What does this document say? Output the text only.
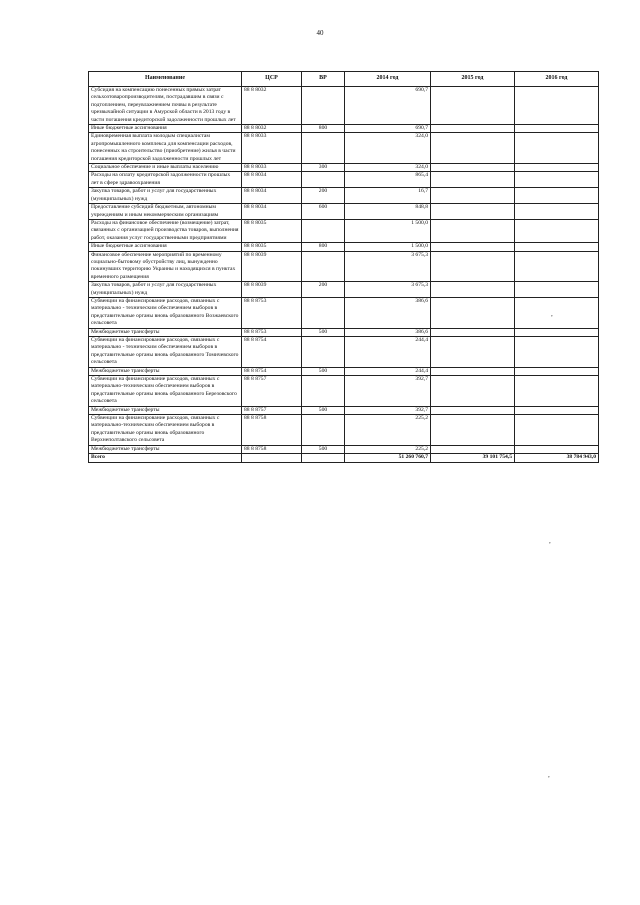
40
Наименование	ЦСР	ВР	2014 год	2015 год	2016 год
Субсидия на компенсацию понесенных прямых затрат сельхозтоваропроизводителям, пострадавшим в связи с подтоплением, переувлажнением почвы в результате чрезвычайной ситуации в Амурской области в 2013 году в части погашения кредиторской задолженности прошлых лет	88 8 8032		690,7		
Иные бюджетные ассигнования	88 8 8032	800	690,7		
Единовременная выплата молодым специалистам агропромышленного комплекса для компенсации расходов, понесенных на строительство (приобретение) жилья в части погашения кредиторской задолженности прошлых лет	88 8 8033		324,0		
Социальное обеспечение и иные выплаты населению	88 8 8033	300	324,0		
Расходы на оплату кредиторской задолженности прошлых лет в сфере здравоохранения	88 8 8034		865,4		
Закупка товаров, работ и услуг для государственных (муниципальных) нужд	88 8 8034	200	16,7		
Предоставление субсидий бюджетным, автономным учреждениям и иным некоммерческим организациям	88 8 8034	600	848,8		
Расходы на финансовое обеспечение (возмещение) затрат, связанных с организацией производства товаров, выполнения работ, оказания услуг государственными предприятиями	88 8 8035		1 500,0		
Иные бюджетные ассигнования	88 8 8035	800	1 500,0		
Финансовое обеспечение мероприятий по временному социально-бытовому обустройству лиц, вынужденно покинувших территорию Украины и находящихся в пунктах временного размещения	88 8 8039		3 675,3		
Закупка товаров, работ и услуг для государственных (муниципальных) нужд	88 8 8039	200	3 675,3		
Субвенции на финансирование расходов, связанных с материально - техническим обеспечением выборов в представительные органы вновь образованного Возжаевского сельсовета	88 8 8753		386,6		
Межбюджетные трансферты	88 8 8753	500	386,6		
Субвенции на финансирование расходов, связанных с материально - техническим обеспечением выборов в представительные органы вновь образованного Томичевского сельсовета	88 8 8754		244,4		
Межбюджетные трансферты	88 8 8754	500	244,4		
Субвенции на финансирование расходов, связанных с материально-техническим обеспечением выборов в представительные органы вновь образованного Березовского сельсовета	88 8 8757		392,7		
Межбюджетные трансферты	88 8 8757	500	392,7		
Субвенции на финансирование расходов, связанных с материально-техническим обеспечением выборов в представительные органы вновь образованного Верхнеполтавского сельсовета	88 8 8758		225,2		
Межбюджетные трансферты	88 8 8758	500	225,2		
Всего			51 260 760,7	39 101 754,5	38 784 943,0
,
,
,
